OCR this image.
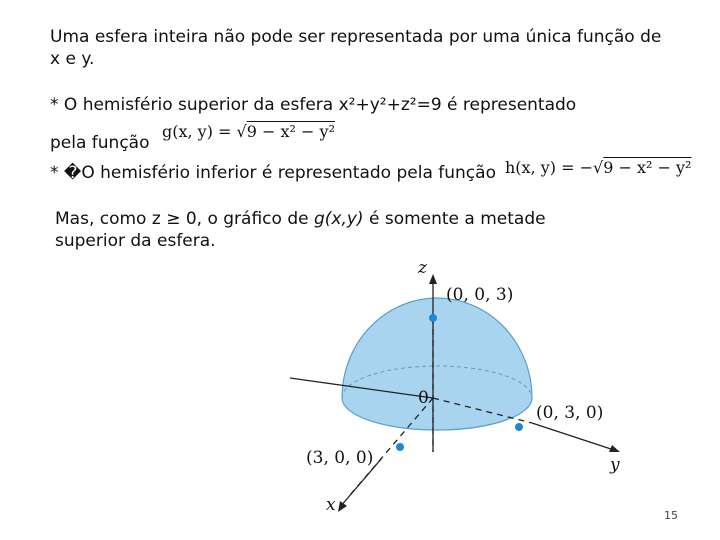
Uma esfera inteira não pode ser representada por uma única função de x e y.
* O hemisfério superior da esfera x²+y²+z²=9 é representado
pela função
g(x, y) = √9 − x² − y²
* �O hemisfério inferior é representado pela função h(x, y) = −√9 − x² − y²
Mas, como z ≥ 0, o gráfico de g(x,y) é somente a metade superior da esfera.
z
y
x
0
(0, 0, 3)
(0, 3, 0)
(3, 0, 0)
15
